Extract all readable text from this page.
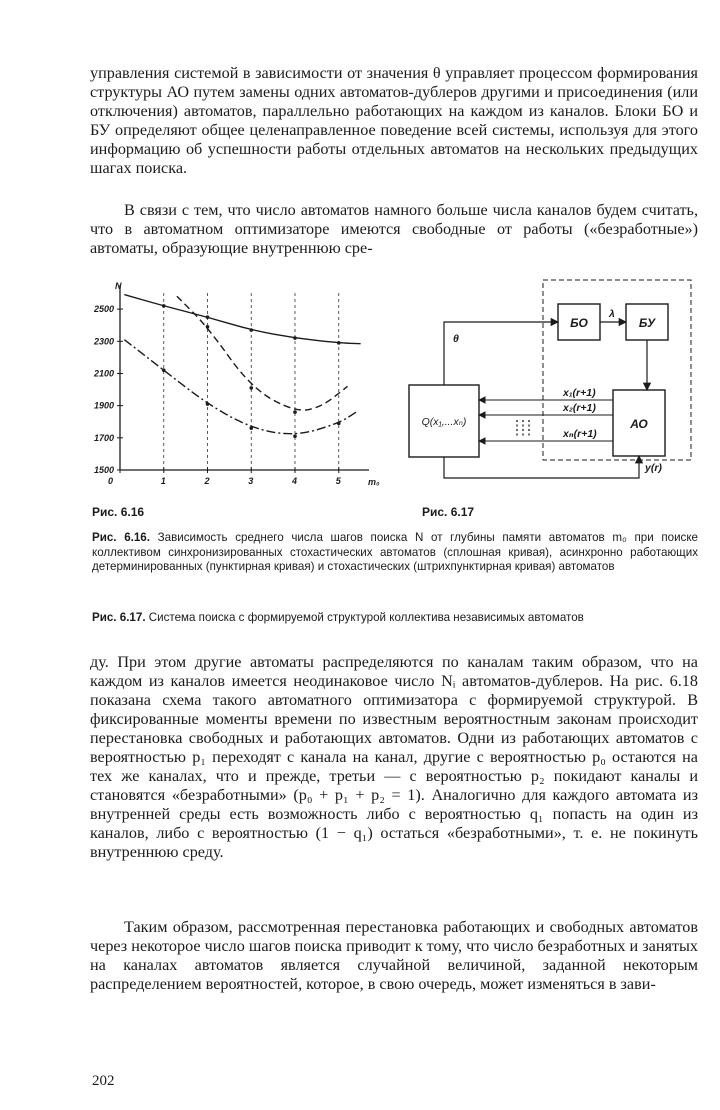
управления системой в зависимости от значения θ управляет процессом формирования структуры АО путем замены одних автоматов-дублеров другими и присоединения (или отключения) автоматов, параллельно работающих на каждом из каналов. Блоки БО и БУ определяют общее целенаправленное поведение всей системы, используя для этого информацию об успешности работы отдельных автоматов на нескольких предыдущих шагах поиска.

В связи с тем, что число автоматов намного больше числа каналов будем считать, что в автоматном оптимизаторе имеются свободные от работы («безработные») автоматы, образующие внутреннюю сре-

1500
1700
1900
2100
2300
2500
0	1	2	3	4	5
N
m₀
БО	БУ
АО
Q(x₁,...xₙ)
λ
θ
x₁(r+1)
x₂(r+1)
xₙ(r+1)
y(r)

Рис. 6.16	Рис. 6.17

Рис. 6.16. Зависимость среднего числа шагов поиска N от глубины памяти автоматов m₀ при поиске коллективом синхронизированных стохастических автоматов (сплошная кривая), асинхронно работающих детерминированных (пунктирная кривая) и стохастических (штрихпунктирная кривая) автоматов

Рис. 6.17. Система поиска с формируемой структурой коллектива независимых автоматов

ду. При этом другие автоматы распределяются по каналам таким образом, что на каждом из каналов имеется неодинаковое число Nᵢ автоматов-дублеров. На рис. 6.18 показана схема такого автоматного оптимизатора с формируемой структурой. В фиксированные моменты времени по известным вероятностным законам происходит перестановка свободных и работающих автоматов. Одни из работающих автоматов с вероятностью p₁ переходят с канала на канал, другие с вероятностью p₀ остаются на тех же каналах, что и прежде, третьи — с вероятностью p₂ покидают каналы и становятся «безработными» (p₀ + p₁ + p₂ = 1). Аналогично для каждого автомата из внутренней среды есть возможность либо с вероятностью q₁ попасть на один из каналов, либо с вероятностью (1 − q₁) остаться «безработными», т. е. не покинуть внутреннюю среду.

Таким образом, рассмотренная перестановка работающих и свободных автоматов через некоторое число шагов поиска приводит к тому, что число безработных и занятых на каналах автоматов является случайной величиной, заданной некоторым распределением вероятностей, которое, в свою очередь, может изменяться в зави-

202
